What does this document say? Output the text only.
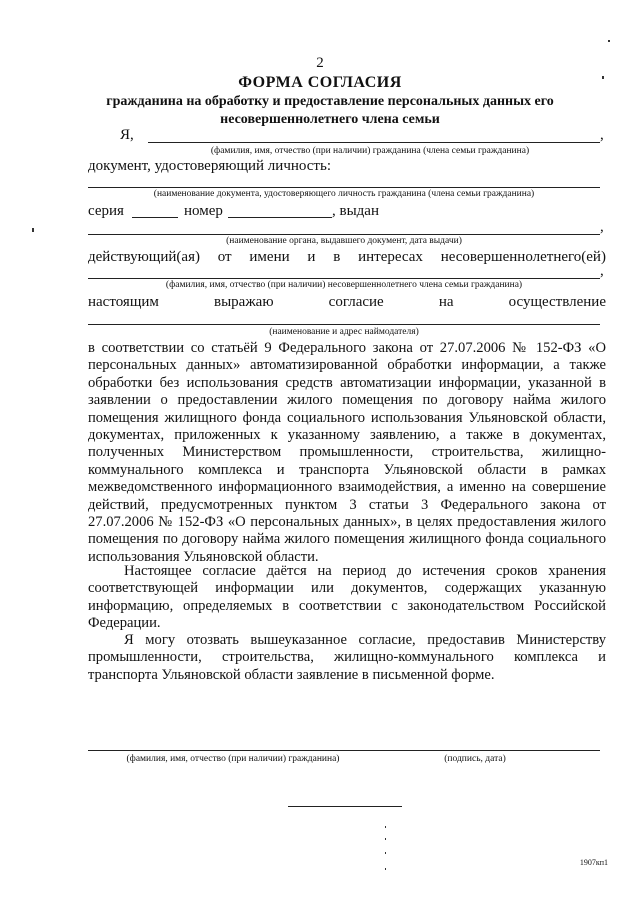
2
ФОРМА СОГЛАСИЯ
гражданина на обработку и предоставление персональных данных его несовершеннолетнего члена семьи
Я,	,
(фамилия, имя, отчество (при наличии) гражданина (члена семьи гражданина)
документ, удостоверяющий личность:
(наименование документа, удостоверяющего личность гражданина (члена семьи гражданина)
серия	номер	, выдан
,
(наименование органа, выдавшего документ, дата выдачи)
действующий(ая) от имени и в интересах несовершеннолетнего(ей)
,
(фамилия, имя, отчество (при наличии) несовершеннолетнего члена семьи гражданина)
настоящим	выражаю	согласие	на	осуществление
(наименование и адрес наймодателя)
в соответствии со статьёй 9 Федерального закона от 27.07.2006 № 152-ФЗ «О персональных данных» автоматизированной обработки информации, а также обработки без использования средств автоматизации информации, указанной в заявлении о предоставлении жилого помещения по договору найма жилого помещения жилищного фонда социального использования Ульяновской области, документах, приложенных к указанному заявлению, а также в документах, полученных Министерством промышленности, строительства, жилищно-коммунального комплекса и транспорта Ульяновской области в рамках межведомственного информационного взаимодействия, а именно на совершение действий, предусмотренных пунктом 3 статьи 3 Федерального закона от 27.07.2006 № 152-ФЗ «О персональных данных», в целях предоставления жилого помещения по договору найма жилого помещения жилищного фонда социального использования Ульяновской области.
Настоящее согласие даётся на период до истечения сроков хранения соответствующей информации или документов, содержащих указанную информацию, определяемых в соответствии с законодательством Российской Федерации.
Я могу отозвать вышеуказанное согласие, предоставив Министерству промышленности, строительства, жилищно-коммунального комплекса и транспорта Ульяновской области заявление в письменной форме.
(фамилия, имя, отчество (при наличии) гражданина)	(подпись, дата)
1907кп1
